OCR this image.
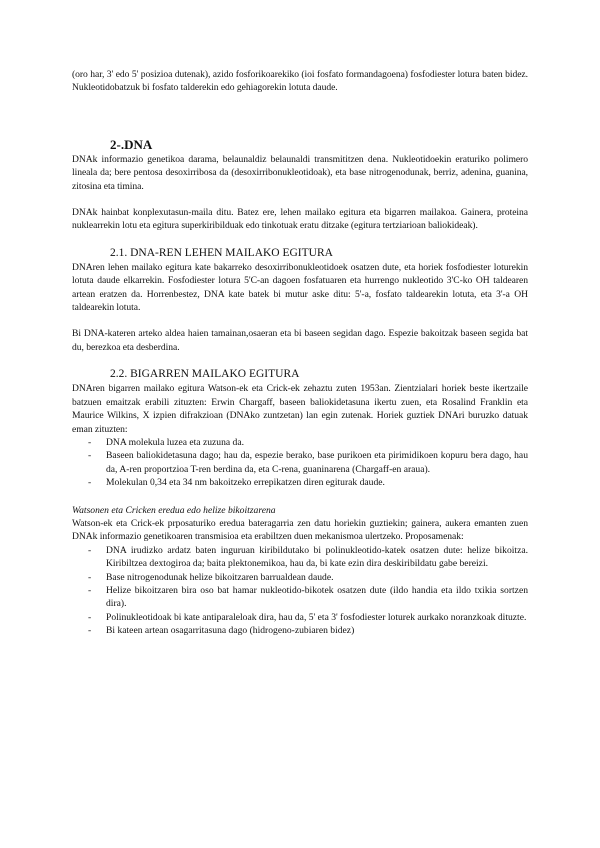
(oro har, 3' edo 5' posizioa dutenak), azido fosforikoarekiko (ioi fosfato formandagoena) fosfodiester lotura baten bidez. Nukleotidobatzuk bi fosfato talderekin edo gehiagorekin lotuta daude.

2-.DNA

DNAk informazio genetikoa darama, belaunaldiz belaunaldi transmititzen dena. Nukleotidoekin eraturiko polimero lineala da; bere pentosa desoxirribosa da (desoxirribonukleotidoak), eta base nitrogenodunak, berriz, adenina, guanina, zitosina eta timina.

DNAk hainbat konplexutasun-maila ditu. Batez ere, lehen mailako egitura eta bigarren mailakoa. Gainera, proteina nuklearrekin lotu eta egitura superkiribilduak edo tinkotuak eratu ditzake (egitura tertziarioan baliokideak).

2.1. DNA-REN LEHEN MAILAKO EGITURA

DNAren lehen mailako egitura kate bakarreko desoxirribonukleotidoek osatzen dute, eta horiek fosfodiester loturekin lotuta daude elkarrekin. Fosfodiester lotura 5'C-an dagoen fosfatuaren eta hurrengo nukleotido 3'C-ko OH taldearen artean eratzen da. Horrenbestez, DNA kate batek bi mutur aske ditu: 5'-a, fosfato taldearekin lotuta, eta 3'-a OH taldearekin lotuta.

Bi DNA-kateren arteko aldea haien tamainan,osaeran eta bi baseen segidan dago. Espezie bakoitzak baseen segida bat du, berezkoa eta desberdina.

2.2. BIGARREN MAILAKO EGITURA

DNAren bigarren mailako egitura Watson-ek eta Crick-ek zehaztu zuten 1953an. Zientzialari horiek beste ikertzaile batzuen emaitzak erabili zituzten: Erwin Chargaff, baseen baliokidetasuna ikertu zuen, eta Rosalind Franklin eta Maurice Wilkins, X izpien difrakzioan (DNAko zuntzetan) lan egin zutenak. Horiek guztiek DNAri buruzko datuak eman zituzten:

- DNA molekula luzea eta zuzuna da.
- Baseen baliokidetasuna dago; hau da, espezie berako, base purikoen eta pirimidikoen kopuru bera dago, hau da, A-ren proportzioa T-ren berdina da, eta C-rena, guaninarena (Chargaff-en araua).
- Molekulan 0,34 eta 34 nm bakoitzeko errepikatzen diren egiturak daude.

Watsonen eta Cricken eredua edo helize bikoitzarena

Watson-ek eta Crick-ek prposaturiko eredua bateragarria zen datu horiekin guztiekin; gainera, aukera emanten zuen DNAk informazio genetikoaren transmisioa eta erabiltzen duen mekanismoa ulertzeko. Proposamenak:

- DNA irudizko ardatz baten inguruan kiribildutako bi polinukleotido-katek osatzen dute: helize bikoitza. Kiribiltzea dextogiroa da; baita plektonemikoa, hau da, bi kate ezin dira deskiribildatu gabe bereizi.
- Base nitrogenodunak helize bikoitzaren barrualdean daude.
- Helize bikoitzaren bira oso bat hamar nukleotido-bikotek osatzen dute (ildo handia eta ildo txikia sortzen dira).
- Polinukleotidoak bi kate antiparaleloak dira, hau da, 5' eta 3' fosfodiester loturek aurkako noranzkoak dituzte.
- Bi kateen artean osagarritasuna dago (hidrogeno-zubiaren bidez)
